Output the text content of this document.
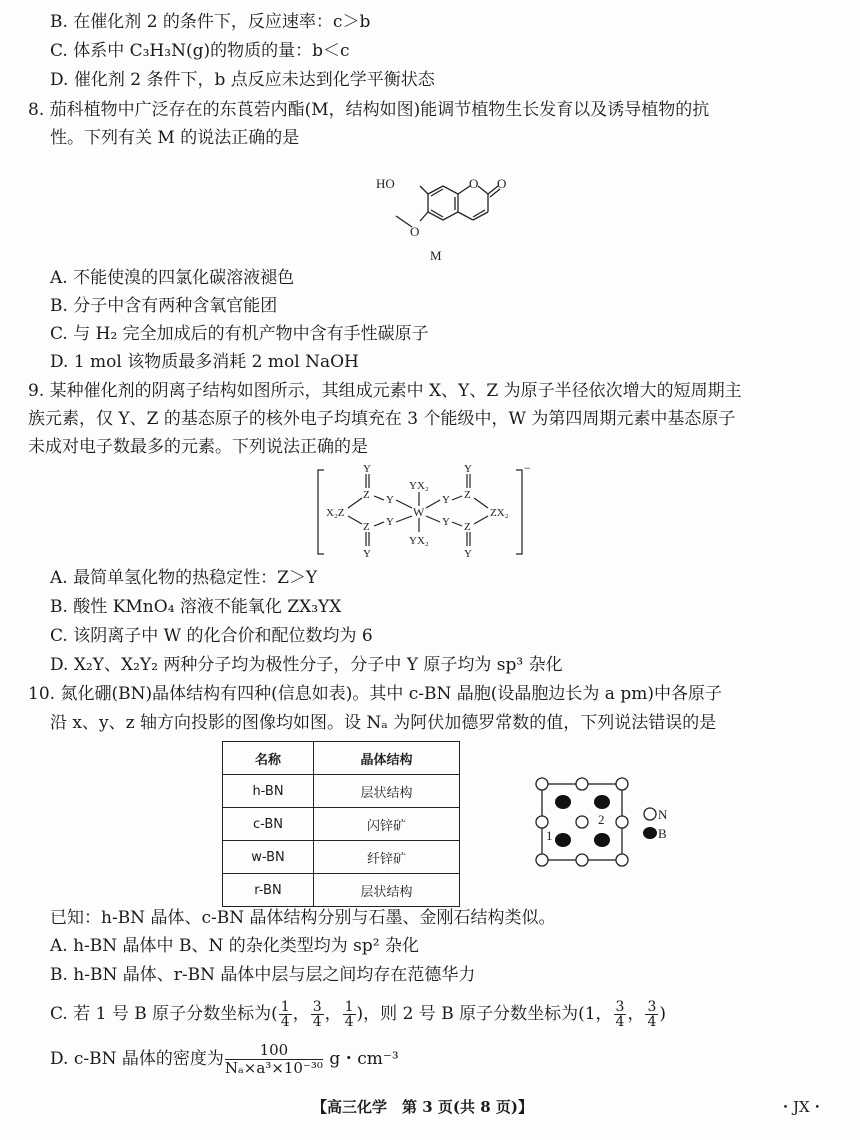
B. 在催化剂 2 的条件下，反应速率：c＞b
C. 体系中 C₃H₃N(g)的物质的量：b＜c
D. 催化剂 2 条件下，b 点反应未达到化学平衡状态
8. 茄科植物中广泛存在的东莨菪内酯(M，结构如图)能调节植物生长发育以及诱导植物的抗
性。下列有关 M 的说法正确的是
HO	O O
O
M
A. 不能使溴的四氯化碳溶液褪色
B. 分子中含有两种含氧官能团
C. 与 H₂ 完全加成后的有机产物中含有手性碳原子
D. 1 mol 该物质最多消耗 2 mol NaOH
9. 某种催化剂的阴离子结构如图所示，其组成元素中 X、Y、Z 为原子半径依次增大的短周期主
族元素，仅 Y、Z 的基态原子的核外电子均填充在 3 个能级中，W 为第四周期元素中基态原子
未成对电子数最多的元素。下列说法正确的是
Y	Y
Y	Y
Z	Z
Z	Z
Y	Y
Y	Y
W
YX₂
YX₂
X₂Z	ZX₂
−
A. 最简单氢化物的热稳定性：Z＞Y
B. 酸性 KMnO₄ 溶液不能氧化 ZX₃YX
C. 该阴离子中 W 的化合价和配位数均为 6
D. X₂Y、X₂Y₂ 两种分子均为极性分子，分子中 Y 原子均为 sp³ 杂化
10. 氮化硼(BN)晶体结构有四种(信息如表)。其中 c-BN 晶胞(设晶胞边长为 a pm)中各原子
沿 x、y、z 轴方向投影的图像均如图。设 Nₐ 为阿伏加德罗常数的值，下列说法错误的是
名称	晶体结构
h-BN	层状结构
c-BN	闪锌矿
w-BN	纤锌矿
r-BN	层状结构
1
2	N
B
已知：h-BN 晶体、c-BN 晶体结构分别与石墨、金刚石结构类似。
A. h-BN 晶体中 B、N 的杂化类型均为 sp² 杂化
B. h-BN 晶体、r-BN 晶体中层与层之间均存在范德华力
C. 若 1 号 B 原子分数坐标为( $\frac{1}{4}$ ， $\frac{3}{4}$ ， $\frac{1}{4}$ )，则 2 号 B 原子分数坐标为(1， $\frac{3}{4}$ ， $\frac{3}{4}$ )
D. c-BN 晶体的密度为 $\frac{100}{\text{Nₐ×a³×10⁻³⁰}}$ g・cm⁻³
【高三化学　第 3 页(共 8 页)】	・JX・
